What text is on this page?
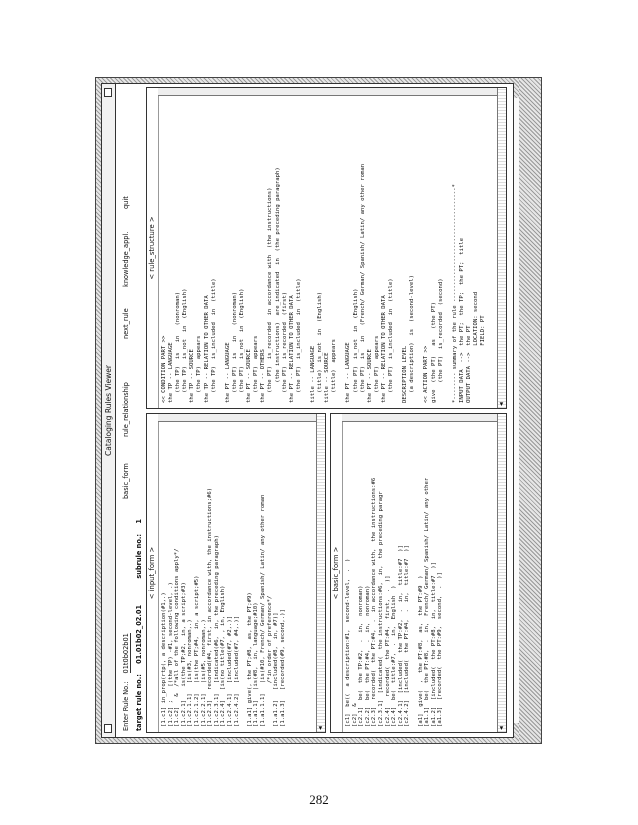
Cataloging Rules Viewer
Enter Rule No.: 01t0b02b01
basic_form
rule_relationship
next_rule
knowledge_appl.
quit
target rule no.: 01.01b02_02.01 subrule no.: 1
< input_form >
[1.c1] in_prop(rtp(, a description(#1,.)
[1.c2] ;    [(the TP) -#1, second-level, .)
[1.c2]   &  /*all of the following conditions apply*/
[1.c2.1]    is(the TP;#2,  in, a script;#3)
[1.c2.1.1]   [is(#3, nonroman,.)
[1.c2.1.2]   |is(the PT;#4,  in, a script;#5)
[1.c2.2.1]   |is(#5, nonroman,.)
[1.c2.3]   recorded(#4, first, in accordance with, the instructions;#6)
[1.c2.3.1]   [indicated(#6,  in, the preceding paragraph)
[1.c2.4]   [is(no title(#7, , in, English)
[1.c2.4.1]   [included(#7, #2,.)]
[1.c2.4.2]   [included(#7, #4,.)]

[1.a1] give(, the PT;#8,  as, the PT;#9)
[1.a1.1]   |is(#8,  in, language;#10)
[1.a1.1.1]   |is(#10, French/ German/ Spanish/ Latin/ any other roman
/*in order of preference*/
[1.a1.2]   [included(#8,  in, #7)]
[1.a1.3]   [recorded(#9, second,.)]
◀
< basic_form >
[c1]  be((  a description:#1,  second-level,  .  )
[c2]  &
[c2.1]  be(  the TP:#2,  .  in,  nonroman)
[c2.2]  be(  the PT:#4,  .  in,  nonroman)
[c2.3]  recorded(  the PT:#4,  .  in accordance with,  the instructions:#6
[c2.3.1]  [indicated(  the instructions:#6,  in,  the preceding paragr
[c2.4]   recorded(  the PT:#4,  first,  .  )]
[c2.4]  be(  title:#7,  .  in,  English  )
[c2.4.1]  [included(  the TP:#2,  .  in,  title:#7  )]
[c2.4.2]  [included(  the PT:#4,  .  in,  title:#7  )]

[a1]  give(  ,  the PT:#8,  as,  the PT:#9  )
[a1.1]  be(  the PT:#8,  .  in,  French/ German/ Spanish/ Latin/ any other
[a1.2]  [included(  the PT:#8,  in,  title:#7  )]
[a1.3]  [recorded(  the PT:#9,  second,  .  )]
◀
< rule_structure >
<< CONDITION PART >>
the TP -- LANGUAGE
(the TP)  is   in   (nonroman)
(the TP)  is_not  in  (English)
the TP -- SOURCE
(the TP)  appears
the TP -- RELATION TO OTHER DATA
(the TP)  is_included  in  (title)

the PT -- LANGUAGE
(the PT)  is   in   (nonroman)
(the PT)  is_not  in  (English)
the PT -- SOURCE
(the PT)  appears
the PT -- OTHERS
(the PT)  is_recorded  in accordance with  (the instructions)
(the instructions)  are_indicated  in  (the preceding paragraph)
(the PT)  is_recorded  (first)
the PT -- RELATION TO OTHER DATA
(the PT)  is_included  in  (title)

title -- LANGUAGE
(title)  is_not  in  (English)
title -- SOURCE
(title)  appears

the PT -- LANGUAGE
(the PT)  is_not  in  (English)
(the PT)  is   in   (French/ German/ Spanish/ Latin/ any other roman
the PT -- SOURCE
(the PT)  appears
the PT -- RELATION TO OTHER DATA
(the PT)  is_included  in  (title)

DESCRIPTION LEVEL
(a description)  is  (second-level)

<< ACTION PART >>
give  (the PT)   as   (the PT)
(the PT)  is_recorded  (second)

*-------- summary of the rule ----------------------------------*
INPUT DATA  -->  the PT;  the TP;  the PT;  title
OUTPUT DATA -->  the PT
LOCATION: second
FIELD: PT
◀
282
